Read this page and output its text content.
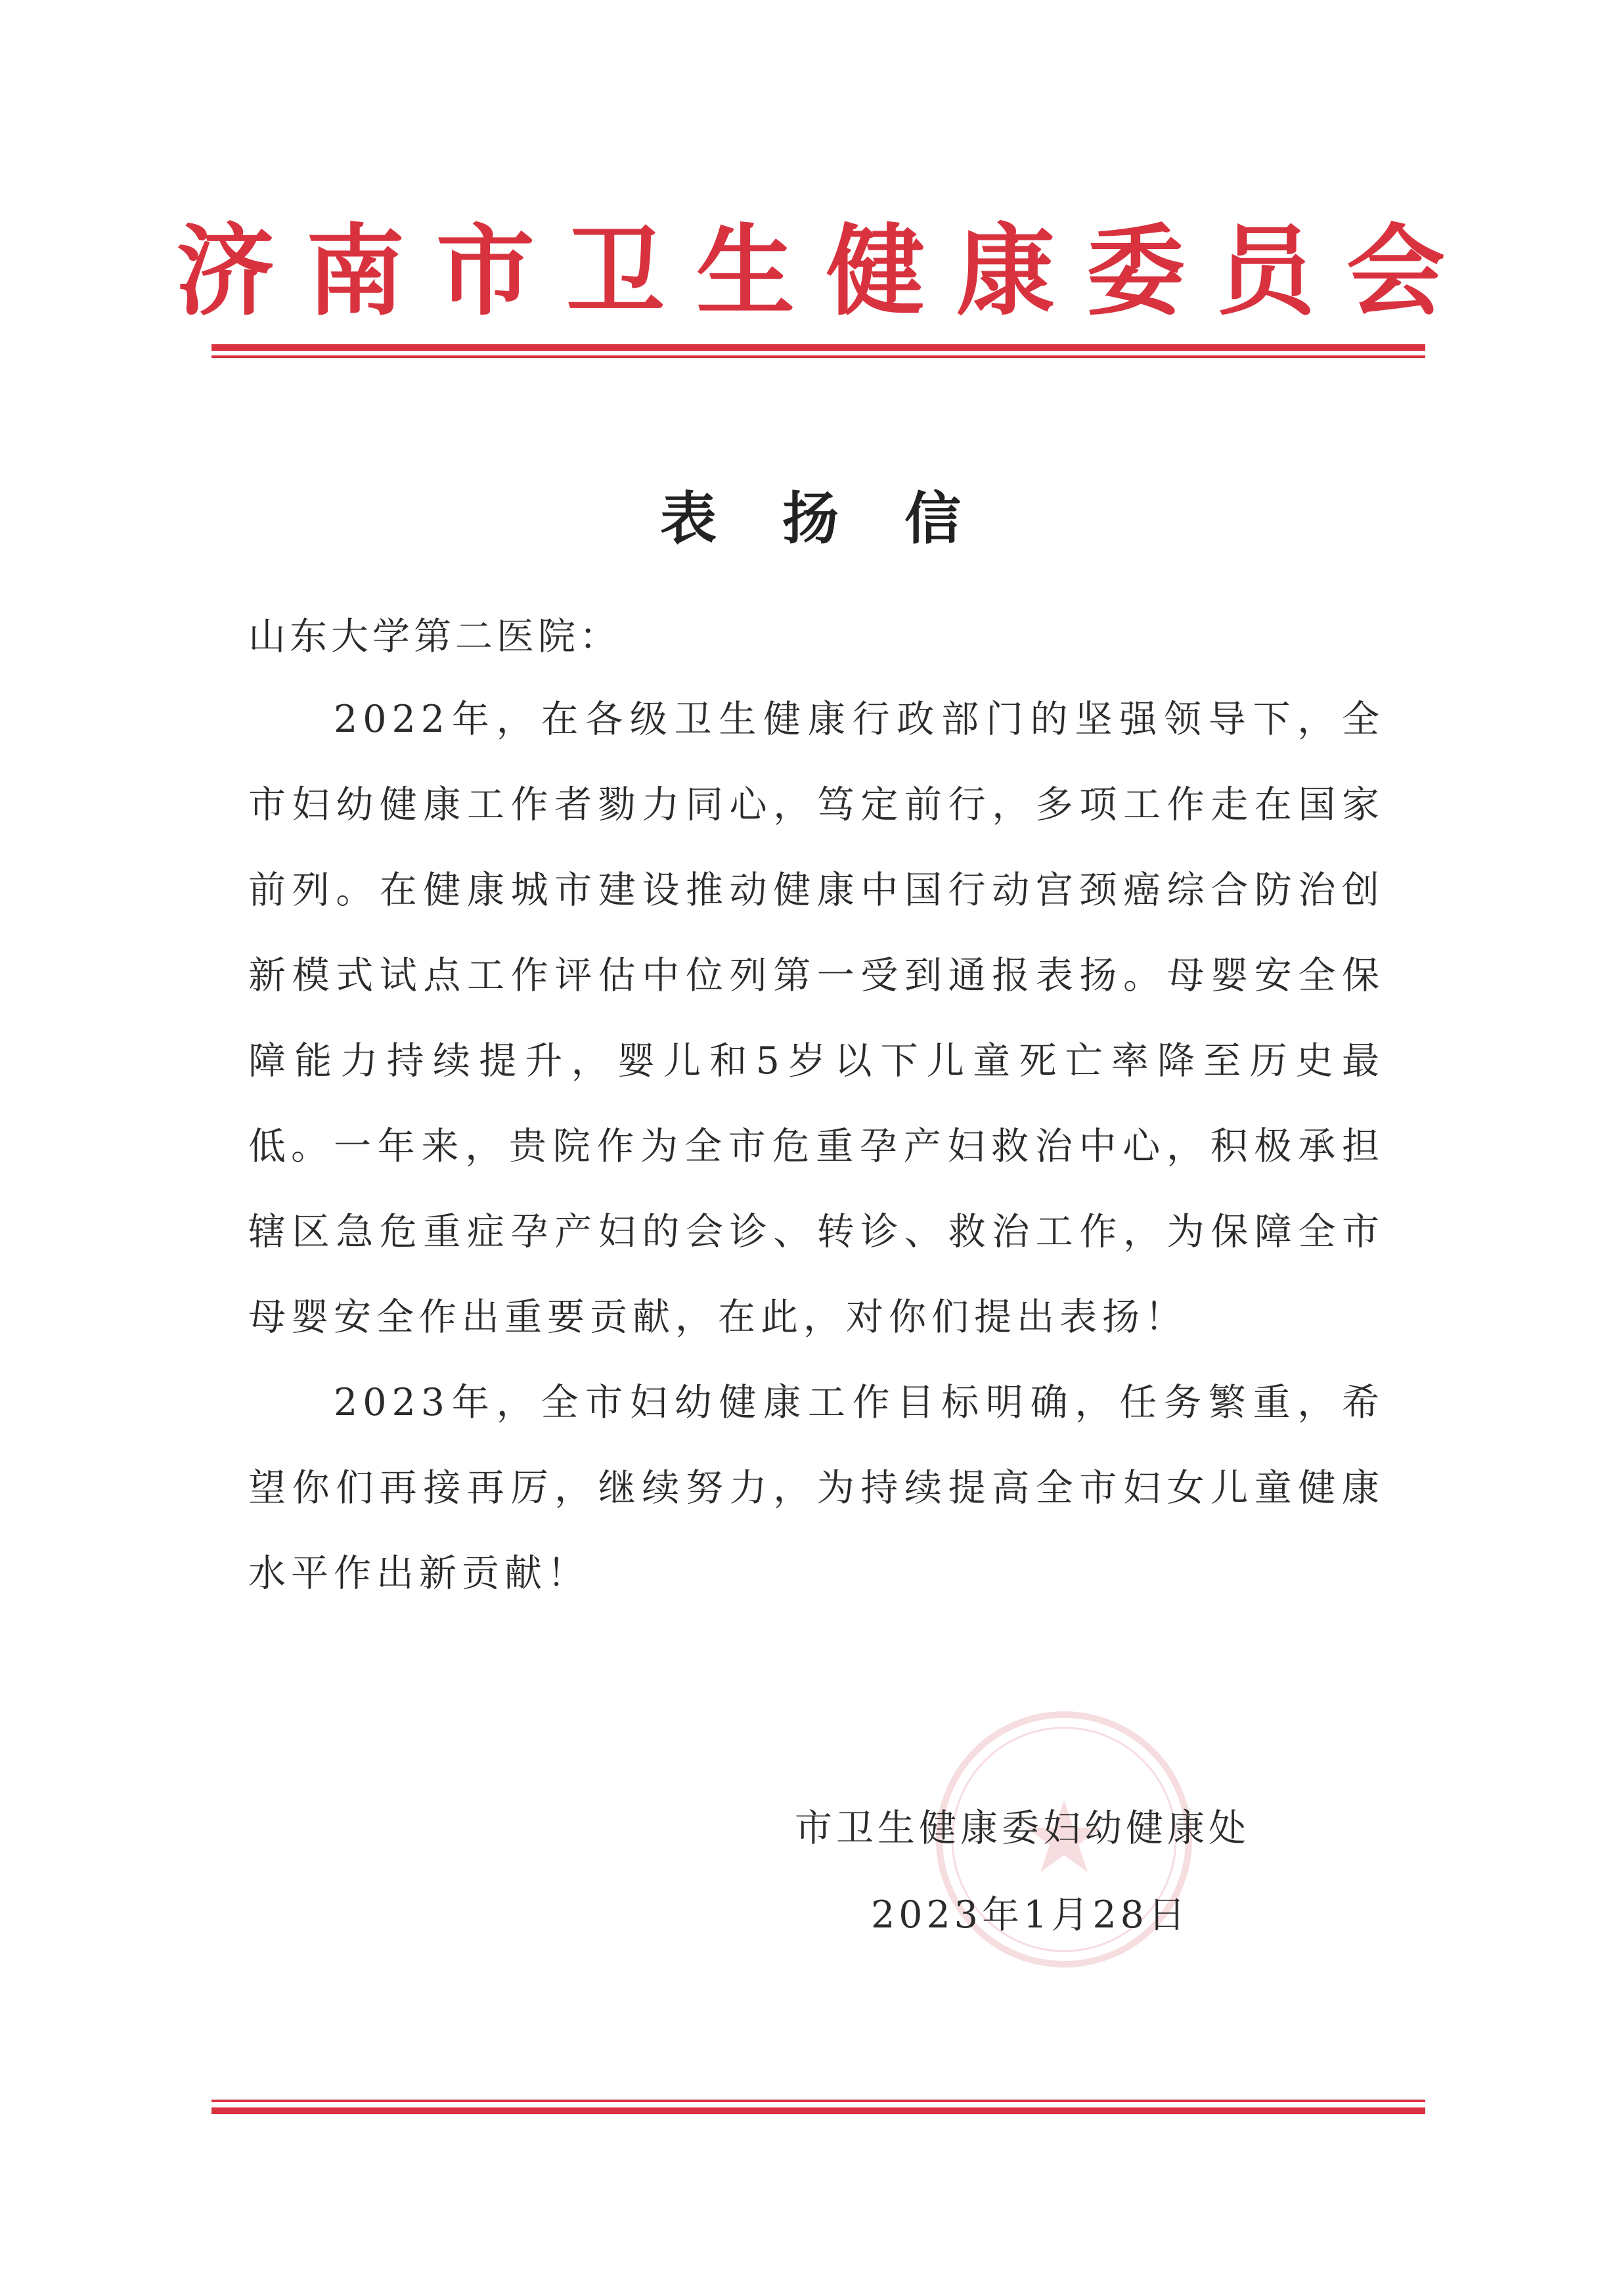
济南市卫生健康委员会
表扬信
山东大学第二医院：
2022年，在各级卫生健康行政部门的坚强领导下，全市妇幼健康工作者勠力同心，笃定前行，多项工作走在国家前列。在健康城市建设推动健康中国行动宫颈癌综合防治创新模式试点工作评估中位列第一受到通报表扬。母婴安全保障能力持续提升，婴儿和5岁以下儿童死亡率降至历史最低。 一年来，贵院作为全市危重孕产妇救治中心，积极承担辖区急危重症孕产妇的会诊、转诊、救治工作，为保障全市母婴安全作出重要贡献，在此，对你们提出表扬！
2023年，全市妇幼健康工作目标明确，任务繁重，希望你们再接再厉，继续努力，为持续提高全市妇女儿童健康水平作出新贡献！
市卫生健康委妇幼健康处
2023年1月28日
